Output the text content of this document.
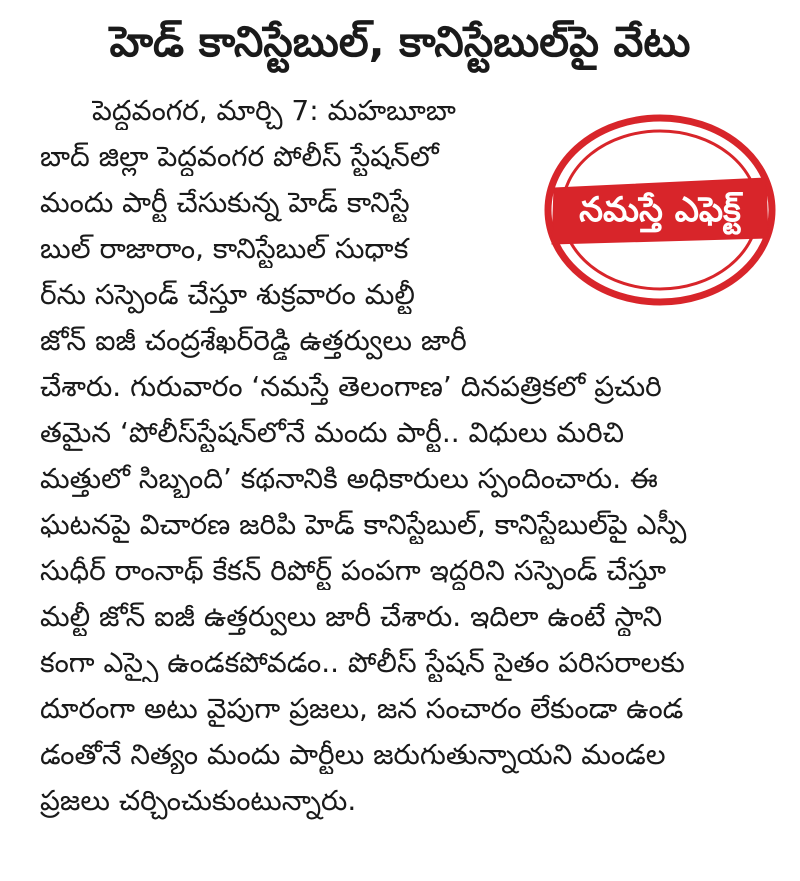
హెడ్‌ కానిస్టేబుల్‌, కానిస్టేబుల్‌పై వేటు
నమస్తే ఎఫెక్ట్‌
పెద్దవంగర, మార్చి 7: మహబూబా
బాద్‌ జిల్లా పెద్దవంగర పోలీస్‌ స్టేషన్‌లో
మందు పార్టీ చేసుకున్న హెడ్‌ కానిస్టే
బుల్‌ రాజారాం, కానిస్టేబుల్‌ సుధాక
ర్‌ను సస్పెండ్‌ చేస్తూ శుక్రవారం మల్టీ
జోన్‌ ఐజీ చంద్రశేఖర్‌రెడ్డి ఉత్తర్వులు జారీ
చేశారు. గురువారం ‘నమస్తే తెలంగాణ’ దినపత్రికలో ప్రచురి
తమైన ‘పోలీస్‌స్టేషన్‌లోనే మందు పార్టీ.. విధులు మరిచి
మత్తులో సిబ్బంది’ కథనానికి అధికారులు స్పందించారు. ఈ
ఘటనపై విచారణ జరిపి హెడ్‌ కానిస్టేబుల్‌, కానిస్టేబుల్‌పై ఎస్పీ
సుధీర్‌ రాంనాథ్‌ కేకన్‌ రిపోర్ట్‌ పంపగా ఇద్దరిని సస్పెండ్‌ చేస్తూ
మల్టీ జోన్‌ ఐజీ ఉత్తర్వులు జారీ చేశారు. ఇదిలా ఉంటే స్థాని
కంగా ఎస్సై ఉండకపోవడం.. పోలీస్‌ స్టేషన్‌ సైతం పరిసరాలకు
దూరంగా అటు వైపుగా ప్రజలు, జన సంచారం లేకుండా ఉండ
డంతోనే నిత్యం మందు పార్టీలు జరుగుతున్నాయని మండల
ప్రజలు చర్చించుకుంటున్నారు.
